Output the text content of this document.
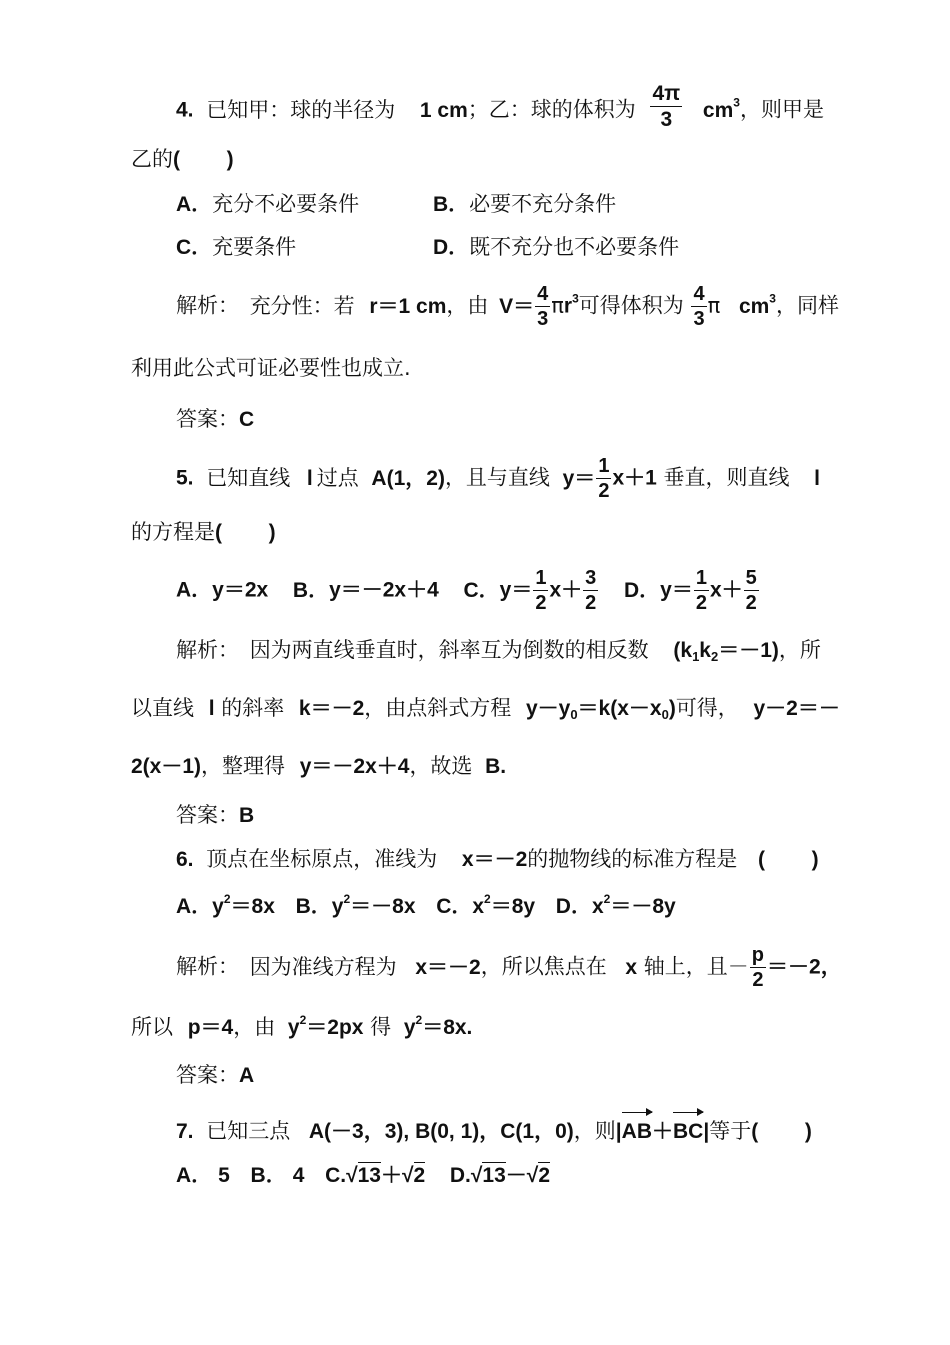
4. 已知甲：球的半径为 1 cm；乙：球的体积为 $\frac{4\pi}{3} cm^3$，则甲是
乙的(        )
A．充分不必要条件	B．必要不充分条件
C．充要条件	D．既不充分也不必要条件
解析： 充分性：若 r＝1 cm，由 $V= \frac{4}{3} \pi r^3$可得体积为 $\frac{4}{3}$ π $cm^3$，同样
利用此公式可证必要性也成立.
答案：C
5. 已知直线 l 过点 A(1，2)，且与直线 $y= \frac{1}{2} x+1$ 垂直，则直线 l
的方程是(        )
A．y＝2x B．y＝－2x＋4 C．$y= \frac{1}{2} x+ \frac{3}{2}$ D．$y= \frac{1}{2} x+ \frac{5}{2}$
解析： 因为两直线垂直时，斜率互为倒数的相反数 $(k_1k_2=-1)$，所
以直线 l 的斜率 k＝－2，由点斜式方程 $y-y_0=k(x-x_0)$可得， y－2＝－
2(x－1)，整理得 y＝－2x＋4，故选 B.
答案：B
6. 顶点在坐标原点，准线为 x＝－2的抛物线的标准方程是 (        )
A．$y^2=8x$ B．$y^2=-8x$ C．$x^2=8y$ D．$x^2=-8y$
解析： 因为准线方程为 x＝－2，所以焦点在 x 轴上，且－ $\frac{p}{2} =-2$，
所以 p＝4，由 $y^2=2px$ 得 $y^2=8x$.
答案：A
7. 已知三点 A(－3，3), B(0, 1)，C(1，0)，则|
AB＋
BC|等于(        )
A． 5 B． 4 C.√13＋√2 D.√13－√2
